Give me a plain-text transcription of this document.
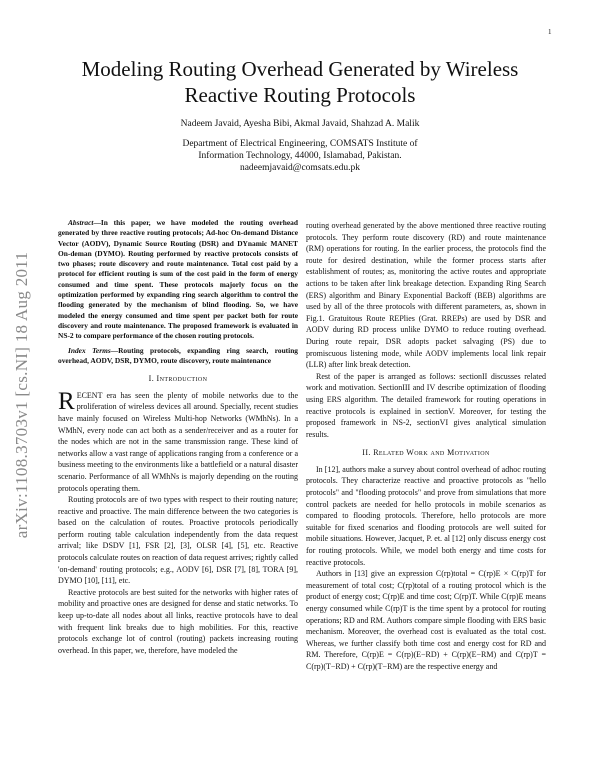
1
arXiv:1108.3703v1 [cs.NI] 18 Aug 2011
Modeling Routing Overhead Generated by Wireless Reactive Routing Protocols
Nadeem Javaid, Ayesha Bibi, Akmal Javaid, Shahzad A. Malik
Department of Electrical Engineering, COMSATS Institute of
Information Technology, 44000, Islamabad, Pakistan.
nadeemjavaid@comsats.edu.pk

Abstract—In this paper, we have modeled the routing overhead generated by three reactive routing protocols; Ad-hoc On-demand Distance Vector (AODV), Dynamic Source Routing (DSR) and DYnamic MANET On-deman (DYMO). Routing performed by reactive protocols consists of two phases; route discovery and route maintenance. Total cost paid by a protocol for efficient routing is sum of the cost paid in the form of energy consumed and time spent. These protocols majorly focus on the optimization performed by expanding ring search algorithm to control the flooding generated by the mechanism of blind flooding. So, we have modeled the energy consumed and time spent per packet both for route discovery and route maintenance. The proposed framework is evaluated in NS-2 to compare performance of the chosen routing protocols.

Index Terms—Routing protocols, expanding ring search, routing overhead, AODV, DSR, DYMO, route discovery, route maintenance

I. Introduction

RECENT era has seen the plenty of mobile networks due to the proliferation of wireless devices all around. Specially, recent studies have mainly focused on Wireless Multi-hop Networks (WMhNs). In a WMhN, every node can act both as a sender/receiver and as a router for the nodes which are not in the same transmission range. These kind of networks allow a vast range of applications ranging from a conference or a business meeting to the environments like a battlefield or a natural disaster scenario. Performance of all WMhNs is majorly depending on the routing protocols operating them.

Routing protocols are of two types with respect to their routing nature; reactive and proactive. The main difference between the two categories is based on the calculation of routes. Proactive protocols periodically perform routing table calculation independently from the data request arrival; like DSDV [1], FSR [2], [3], OLSR [4], [5], etc. Reactive protocols calculate routes on reaction of data request arrives; rightly called 'on-demand' routing protocols; e.g., AODV [6], DSR [7], [8], TORA [9], DYMO [10], [11], etc.

Reactive protocols are best suited for the networks with higher rates of mobility and proactive ones are designed for dense and static networks. To keep up-to-date all nodes about all links, reactive protocols have to deal with frequent link breaks due to high mobilities. For this, reactive protocols exchange lot of control (routing) packets increasing routing overhead. In this paper, we, therefore, have modeled the

routing overhead generated by the above mentioned three reactive routing protocols. They perform route discovery (RD) and route maintenance (RM) operations for routing. In the earlier process, the protocols find the route for desired destination, while the former process starts after establishment of routes; as, monitoring the active routes and appropriate actions to be taken after link breakage detection. Expanding Ring Search (ERS) algorithm and Binary Exponential Backoff (BEB) algorithms are used by all of the three protocols with different parameters, as, shown in Fig.1. Gratuitous Route REPlies (Grat. RREPs) are used by DSR and AODV during RD process unlike DYMO to reduce routing overhead. During route repair, DSR adopts packet salvaging (PS) due to promiscuous listening mode, while AODV implements local link repair (LLR) after link break detection.

Rest of the paper is arranged as follows: sectionII discusses related work and motivation. SectionIII and IV describe optimization of flooding using ERS algorithm. The detailed framework for routing operations in reactive protocols is explained in sectionV. Moreover, for testing the proposed framework in NS-2, sectionVI gives analytical simulation results.

II. Related Work and Motivation

In [12], authors make a survey about control overhead of adhoc routing protocols. They characterize reactive and proactive protocols as "hello protocols" and "flooding protocols" and prove from simulations that more control packets are needed for hello protocols in mobile scenarios as compared to flooding protocols. Therefore, hello protocols are more suitable for fixed scenarios and flooding protocols are well suited for mobile situations. However, Jacquet, P. et. al [12] only discuss energy cost for routing protocols. While, we model both energy and time costs for reactive protocols.

Authors in [13] give an expression C(rp)total = C(rp)E × C(rp)T for measurement of total cost; C(rp)total of a routing protocol which is the product of energy cost; C(rp)E and time cost; C(rp)T. While C(rp)E means energy consumed while C(rp)T is the time spent by a protocol for routing operations; RD and RM. Authors compare simple flooding with ERS basic mechanism. Moreover, the overhead cost is evaluated as the total cost. Whereas, we further classify both time cost and energy cost for RD and RM. Therefore, C(rp)E = C(rp)(E−RD) + C(rp)(E−RM) and C(rp)T = C(rp)(T−RD) + C(rp)(T−RM) are the respective energy and
